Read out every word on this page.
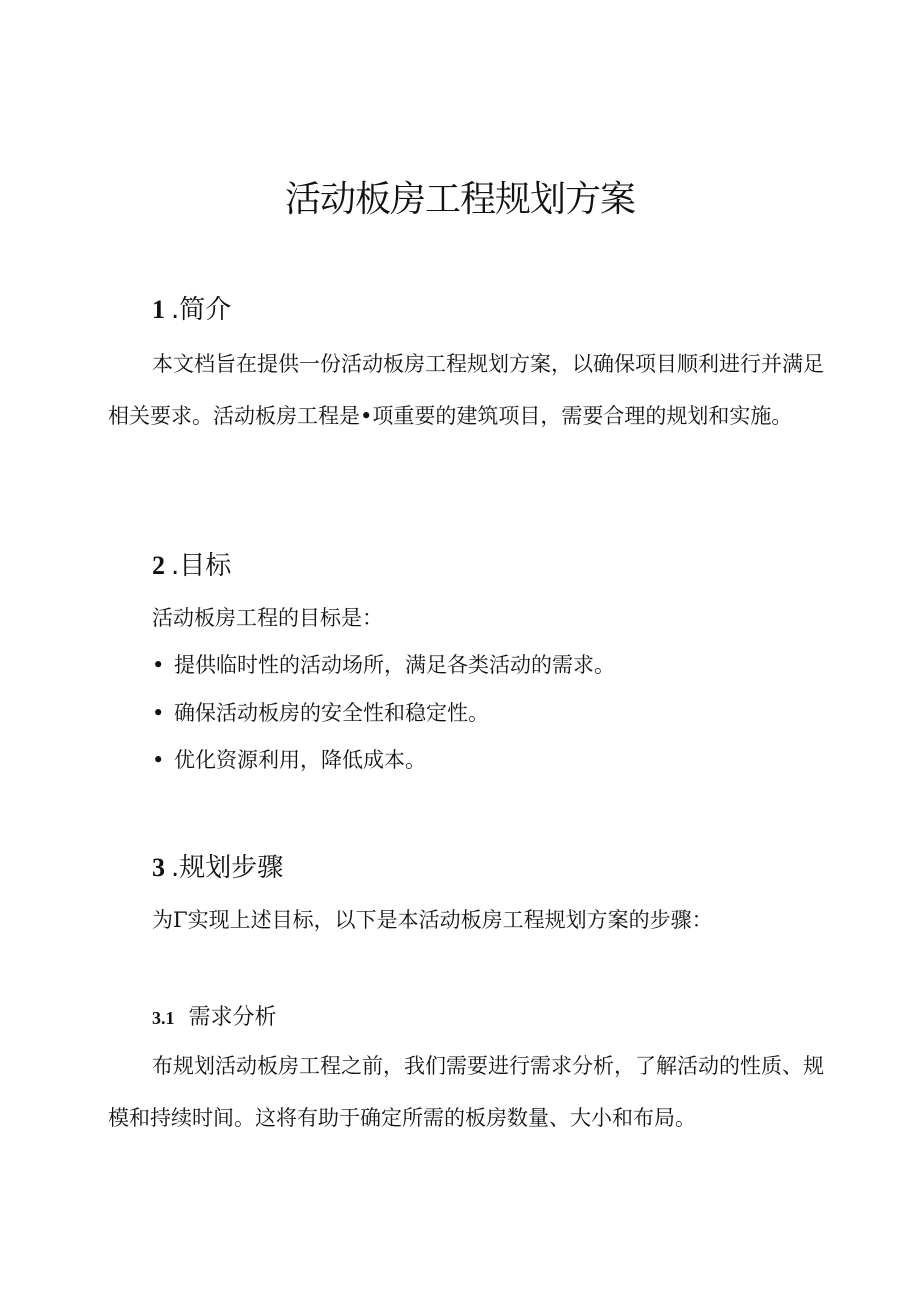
活动板房工程规划方案
1 .简介

本文档旨在提供一份活动板房工程规划方案，以确保项目顺利进行并满足相关要求。活动板房工程是•项重要的建筑项目，需要合理的规划和实施。

2 .目标
活动板房工程的目标是：
• 提供临时性的活动场所，满足各类活动的需求。
• 确保活动板房的安全性和稳定性。
• 优化资源利用，降低成本。
3 .规划步骤
为Γ实现上述目标，以下是本活动板房工程规划方案的步骤：
3.1 需求分析

布规划活动板房工程之前，我们需要进行需求分析，了解活动的性质、规模和持续时间。这将有助于确定所需的板房数量、大小和布局。
